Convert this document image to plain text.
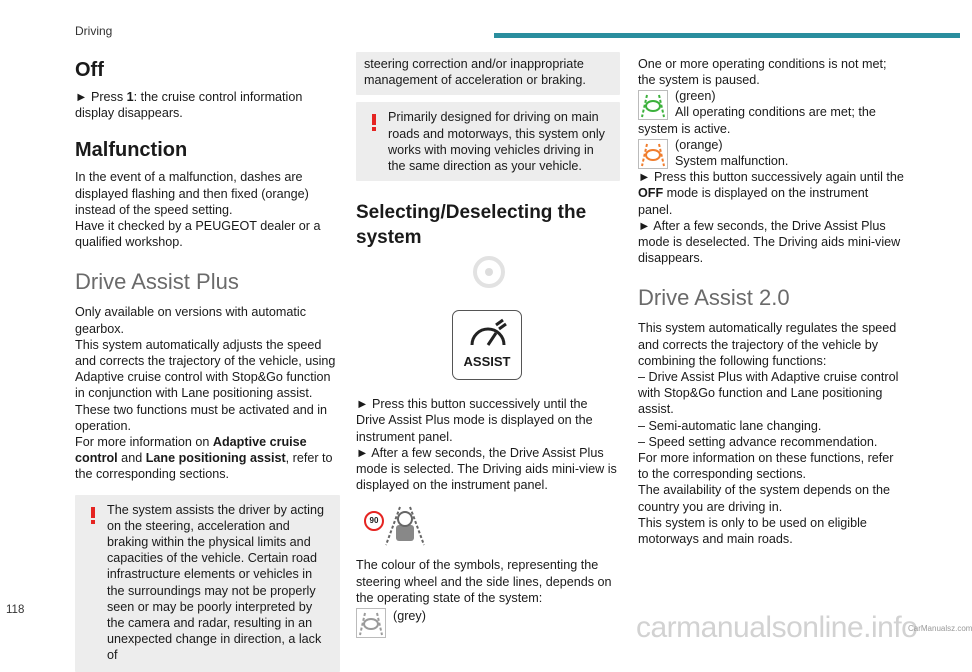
Driving
118
Off

► Press 1: the cruise control information display disappears.

Malfunction

In the event of a malfunction, dashes are displayed flashing and then fixed (orange) instead of the speed setting.

Have it checked by a PEUGEOT dealer or a qualified workshop.

Drive Assist Plus

Only available on versions with automatic gearbox.

This system automatically adjusts the speed and corrects the trajectory of the vehicle, using Adaptive cruise control with Stop&Go function in conjunction with Lane positioning assist.

These two functions must be activated and in operation.

For more information on Adaptive cruise control and Lane positioning assist, refer to the corresponding sections.

The system assists the driver by acting on the steering, acceleration and braking within the physical limits and capacities of the vehicle. Certain road infrastructure elements or vehicles in the surroundings may not be properly seen or may be poorly interpreted by the camera and radar, resulting in an unexpected change in direction, a lack of

steering correction and/or inappropriate management of acceleration or braking.

Primarily designed for driving on main roads and motorways, this system only works with moving vehicles driving in the same direction as your vehicle.

Selecting/Deselecting the system
ASSIST

► Press this button successively until the Drive Assist Plus mode is displayed on the instrument panel.

► After a few seconds, the Drive Assist Plus mode is selected. The Driving aids mini-view is displayed on the instrument panel.

90

The colour of the symbols, representing the steering wheel and the side lines, depends on the operating state of the system:

(grey)

One or more operating conditions is not met; the system is paused.

(green)

All operating conditions are met; the system is active.

(orange)
System malfunction.

► Press this button successively again until the OFF mode is displayed on the instrument panel.

► After a few seconds, the Drive Assist Plus mode is deselected. The Driving aids mini-view disappears.

Drive Assist 2.0

This system automatically regulates the speed and corrects the trajectory of the vehicle by combining the following functions:

– Drive Assist Plus with Adaptive cruise control with Stop&Go function and Lane positioning assist.

– Semi-automatic lane changing.

– Speed setting advance recommendation.

For more information on these functions, refer to the corresponding sections.

The availability of the system depends on the country you are driving in.

This system is only to be used on eligible motorways and main roads.

carmanualsonline.info
CarManualsz.com
